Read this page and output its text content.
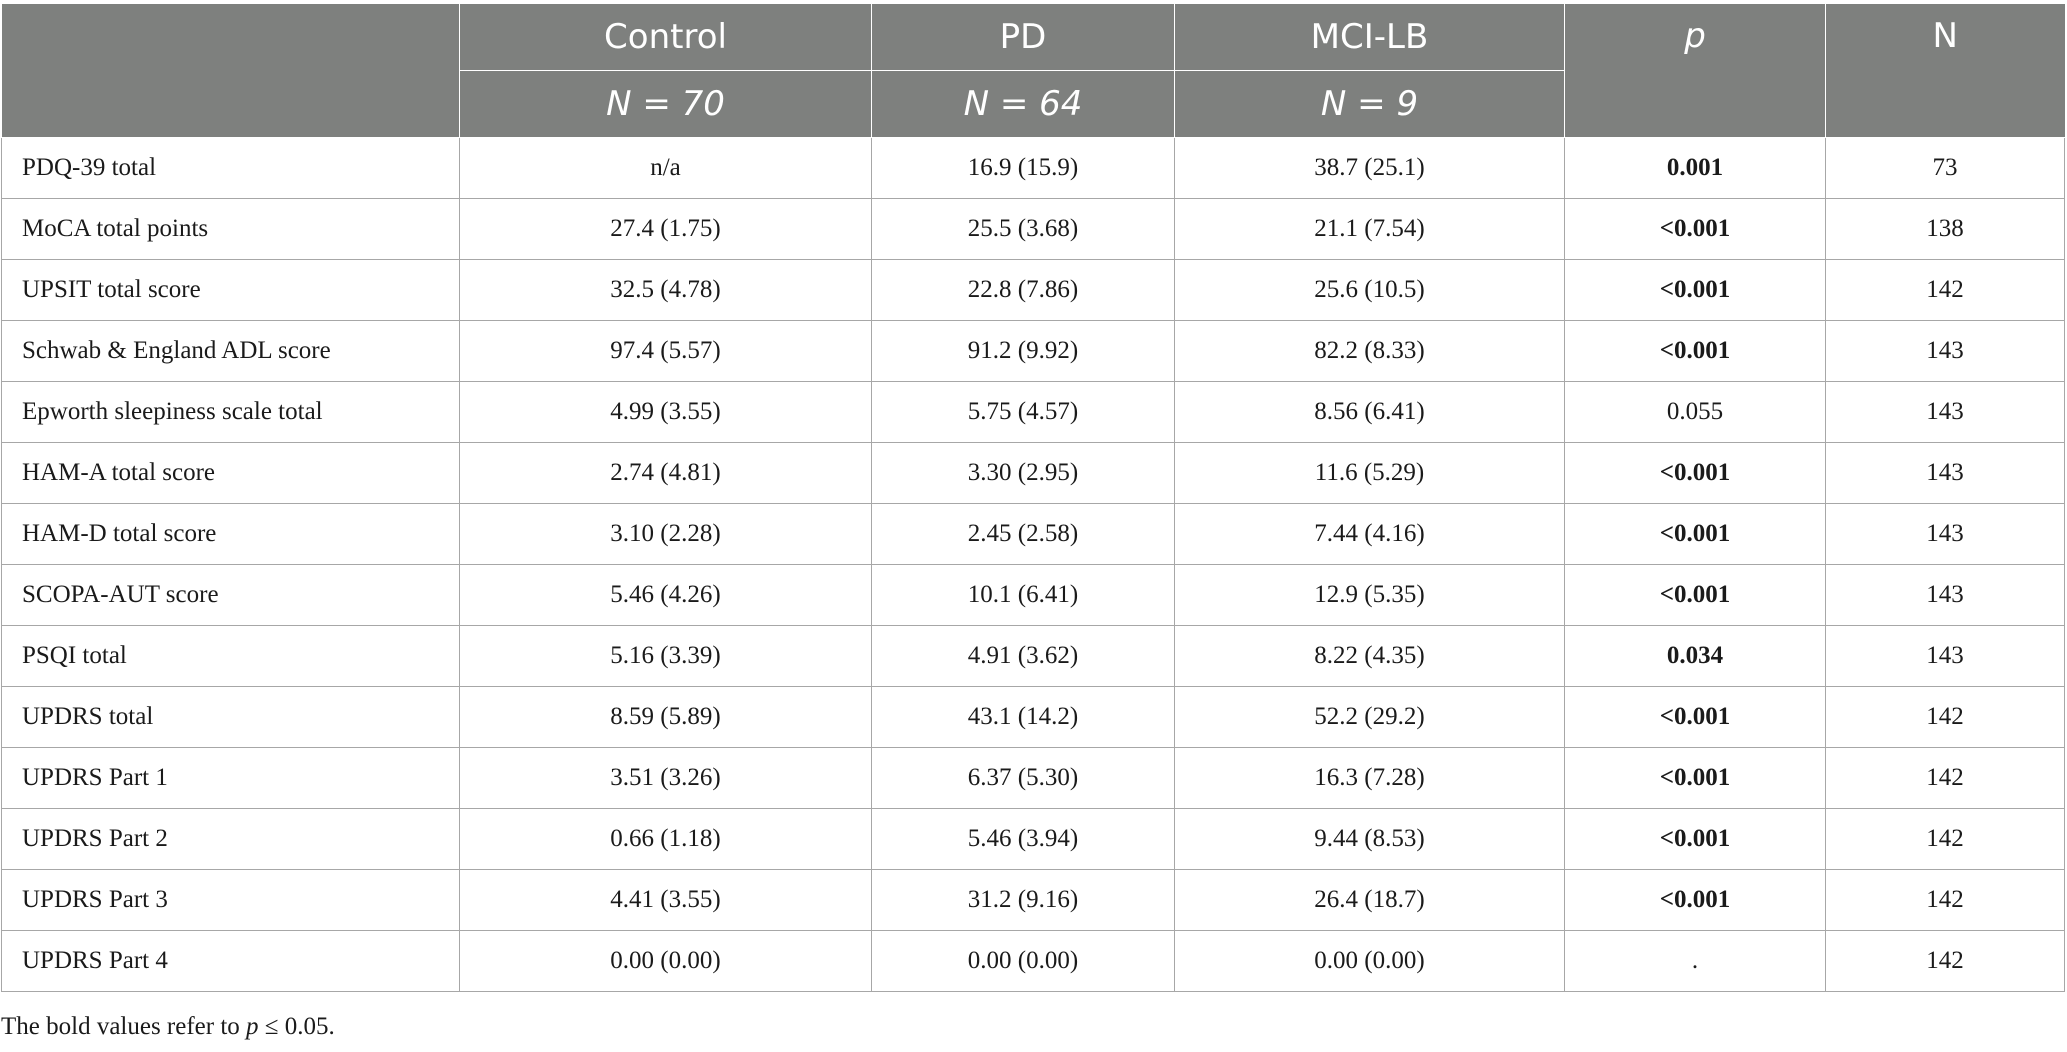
	Control	PD	MCI-LB	p	N
	N = 70	N = 64	N = 9		
PDQ-39 total	n/a	16.9 (15.9)	38.7 (25.1)	0.001	73
MoCA total points	27.4 (1.75)	25.5 (3.68)	21.1 (7.54)	<0.001	138
UPSIT total score	32.5 (4.78)	22.8 (7.86)	25.6 (10.5)	<0.001	142
Schwab & England ADL score	97.4 (5.57)	91.2 (9.92)	82.2 (8.33)	<0.001	143
Epworth sleepiness scale total	4.99 (3.55)	5.75 (4.57)	8.56 (6.41)	0.055	143
HAM-A total score	2.74 (4.81)	3.30 (2.95)	11.6 (5.29)	<0.001	143
HAM-D total score	3.10 (2.28)	2.45 (2.58)	7.44 (4.16)	<0.001	143
SCOPA-AUT score	5.46 (4.26)	10.1 (6.41)	12.9 (5.35)	<0.001	143
PSQI total	5.16 (3.39)	4.91 (3.62)	8.22 (4.35)	0.034	143
UPDRS total	8.59 (5.89)	43.1 (14.2)	52.2 (29.2)	<0.001	142
UPDRS Part 1	3.51 (3.26)	6.37 (5.30)	16.3 (7.28)	<0.001	142
UPDRS Part 2	0.66 (1.18)	5.46 (3.94)	9.44 (8.53)	<0.001	142
UPDRS Part 3	4.41 (3.55)	31.2 (9.16)	26.4 (18.7)	<0.001	142
UPDRS Part 4	0.00 (0.00)	0.00 (0.00)	0.00 (0.00)	.	142
The bold values refer to p ≤ 0.05.
